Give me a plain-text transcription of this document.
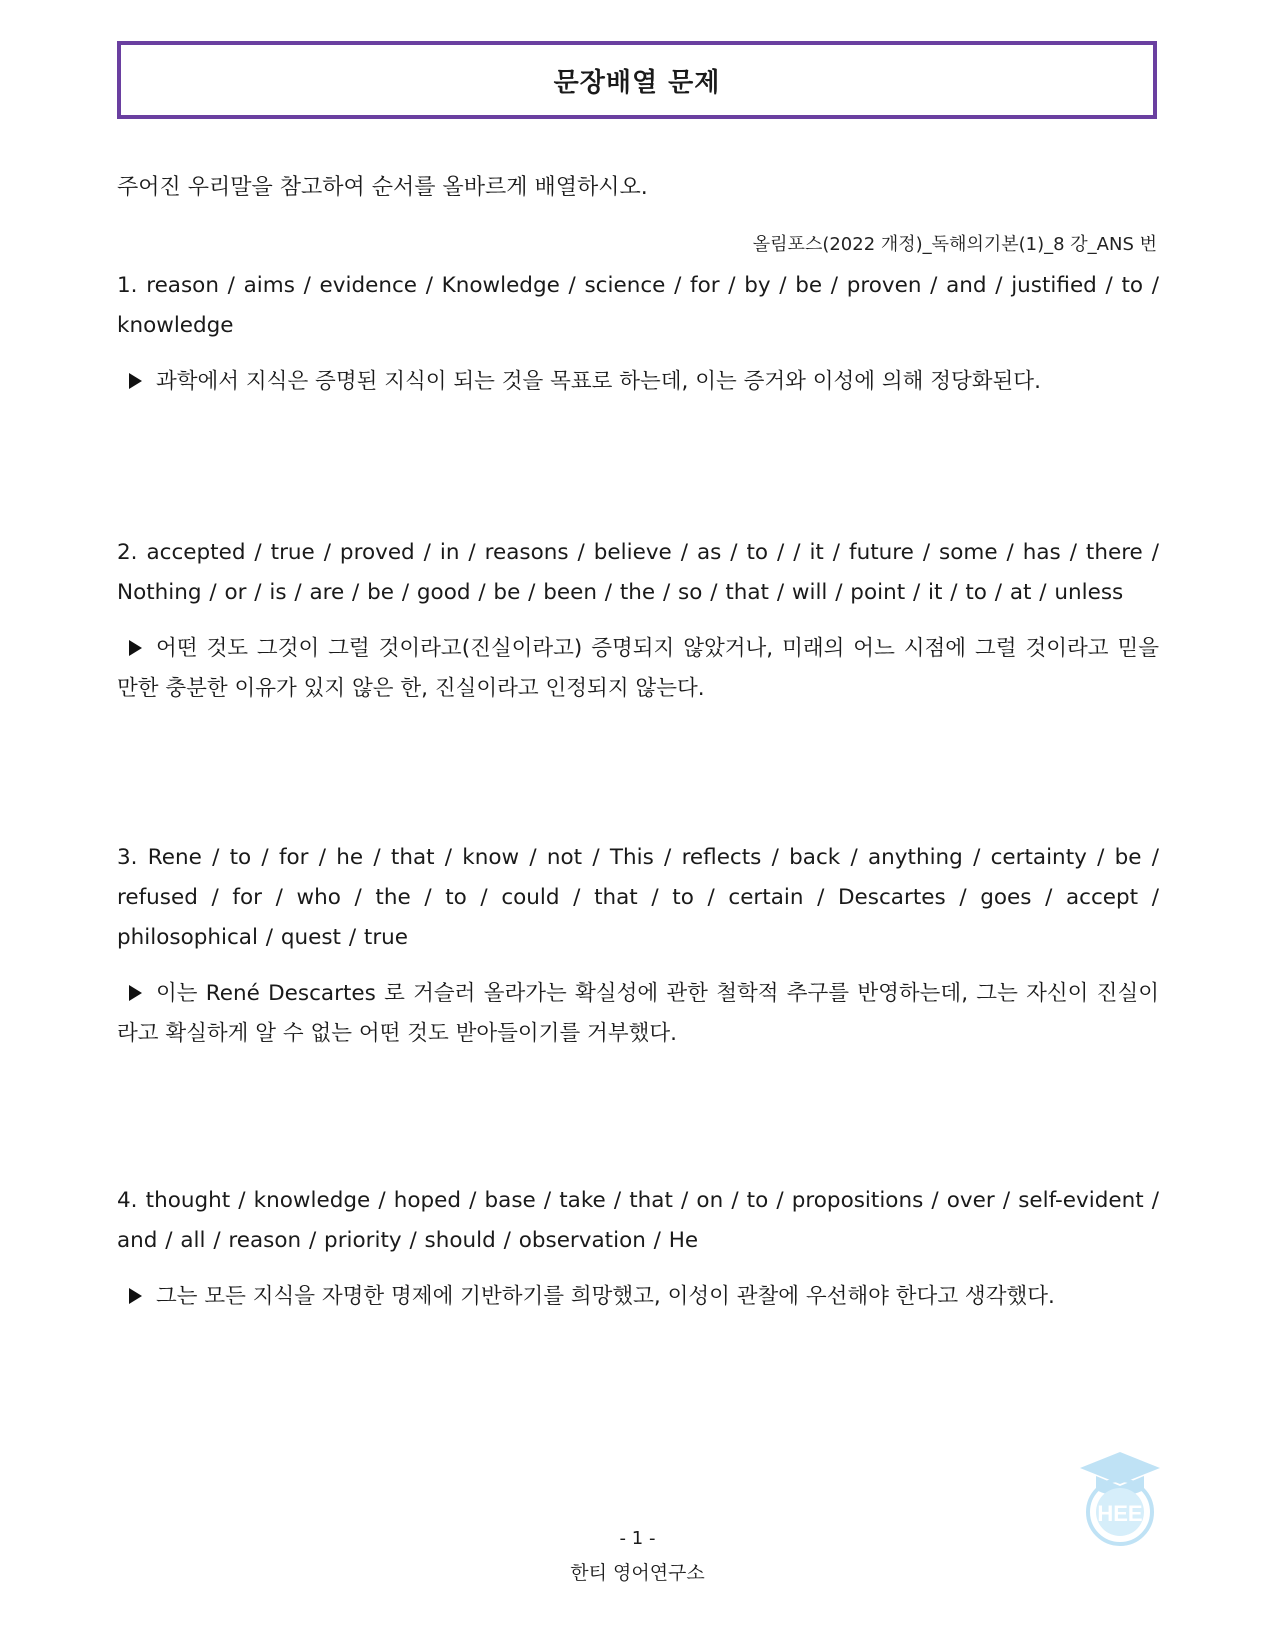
문장배열 문제
주어진 우리말을 참고하여 순서를 올바르게 배열하시오.
올림포스(2022 개정)_독해의기본(1)_8 강_ANS 번

1. reason / aims / evidence / Knowledge / science / for / by / be / proven / and / justified / to / knowledge

과학에서 지식은 증명된 지식이 되는 것을 목표로 하는데, 이는 증거와 이성에 의해 정당화된다.

2. accepted / true / proved / in / reasons / believe / as / to / / it / future / some / has / there / Nothing / or / is / are / be / good / be / been / the / so / that / will / point / it / to / at / unless

어떤 것도 그것이 그럴 것이라고(진실이라고) 증명되지 않았거나, 미래의 어느 시점에 그럴 것이라고 믿을 만한 충분한 이유가 있지 않은 한, 진실이라고 인정되지 않는다.

3. Rene / to / for / he / that / know / not / This / reflects / back / anything / certainty / be / refused / for / who / the / to / could / that / to / certain / Descartes / goes / accept / philosophical / quest / true

이는 René Descartes 로 거슬러 올라가는 확실성에 관한 철학적 추구를 반영하는데, 그는 자신이 진실이라고 확실하게 알 수 없는 어떤 것도 받아들이기를 거부했다.

4. thought / knowledge / hoped / base / take / that / on / to / propositions / over / self-evident / and / all / reason / priority / should / observation / He

그는 모든 지식을 자명한 명제에 기반하기를 희망했고, 이성이 관찰에 우선해야 한다고 생각했다.

- 1 -
한티 영어연구소
HEE
